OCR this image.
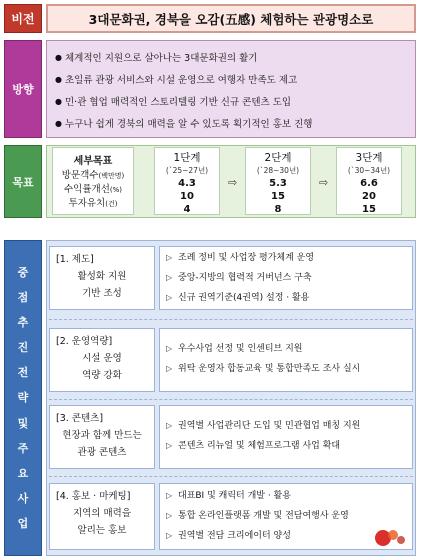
비전	3대문화권, 경북을 오감(五感) 체험하는 관광명소로
방향
● 체계적인 지원으로 살아나는 3대문화권의 활기
● 초일류 관광 서비스와 시설 운영으로 여행자 만족도 제고
● 민‧관 협업 매력적인 스토리텔링 기반 신규 콘텐츠 도입
● 누구나 쉽게 경북의 매력을 알 수 있도록 획기적인 홍보 진행
목표
세부목표
방문객수(백만명)
수익률개선(%)
투자유치(건)
1단계
(`25~27년)
4.3
10
4
⇨
2단계
(`28~30년)
5.3
15
8
⇨
3단계
(`30~34년)
6.6
20
15
중
점
추
진
전
략
및
주
요
사
업
[1. 제도]
활성화 지원
기반 조성
▷ 조례 정비 및 사업장 평가체계 운영
▷ 중앙-지방의 협력적 거버넌스 구축
▷ 신규 권역기준(4권역) 설정 · 활용
[2. 운영역량]
시설 운영
역량 강화
▷ 우수사업 선정 및 인센티브 지원
▷ 위탁 운영자 합동교육 및 통합만족도 조사 실시
[3. 콘텐츠]
현장과 함께 만드는
관광 콘텐츠
▷ 권역별 사업관리단 도입 및 민관협업 매칭 지원
▷ 콘텐츠 리뉴얼 및 체험프로그램 사업 확대
[4. 홍보 · 마케팅]
지역의 매력을
알리는 홍보
▷ 대표BI 및 캐릭터 개발 · 활용
▷ 통합 온라인플랫폼 개발 및 전담여행사 운영
▷ 권역별 전담 크리에이터 양성
